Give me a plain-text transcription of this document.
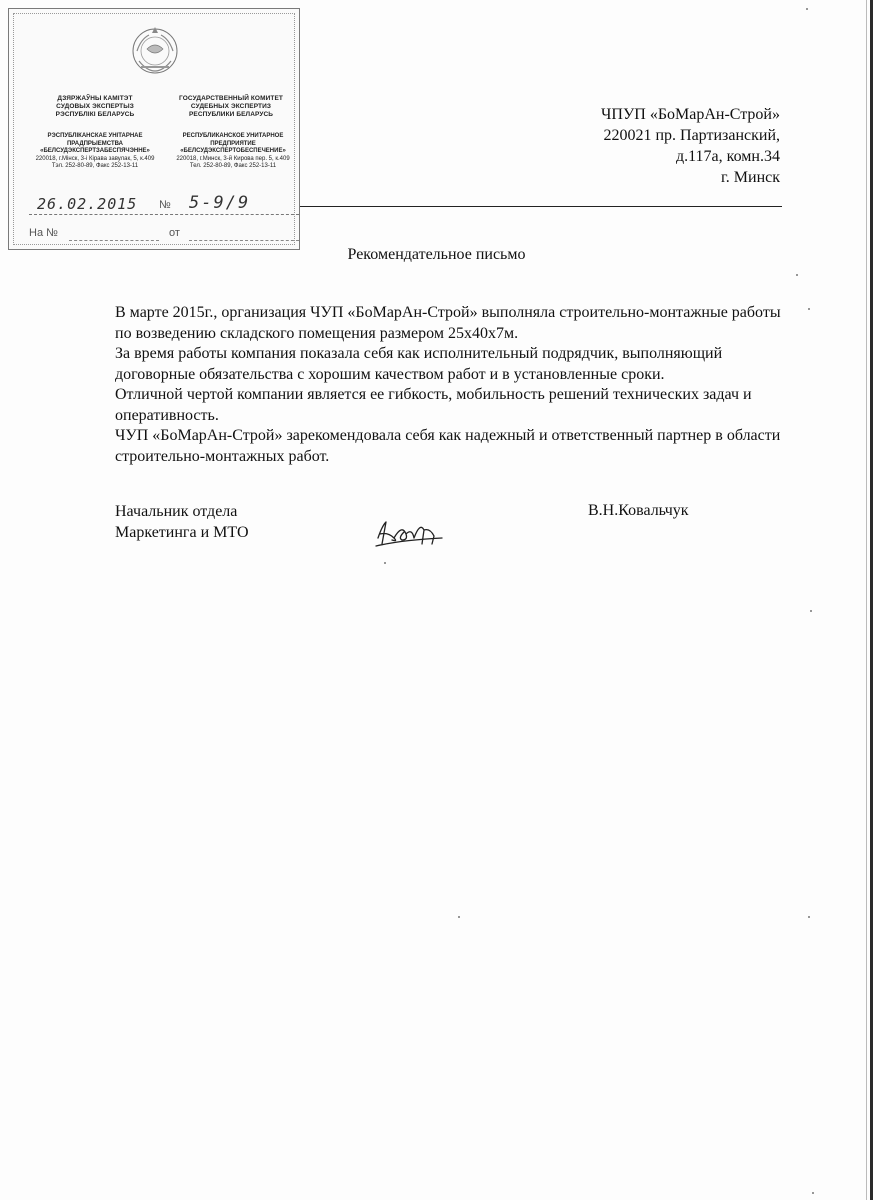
ДЗЯРЖАЎНЫ КАМІТЭТ
СУДОВЫХ ЭКСПЕРТЫЗ
РЭСПУБЛІКІ БЕЛАРУСЬ
ГОСУДАРСТВЕННЫЙ КОМИТЕТ
СУДЕБНЫХ ЭКСПЕРТИЗ
РЕСПУБЛИКИ БЕЛАРУСЬ
РЭСПУБЛІКАНСКАЕ УНІТАРНАЕ
ПРАДПРЫЕМСТВА
«БЕЛСУДЭКСПЕРТЗАБЕСПЯЧЭННЕ»
220018, г.Мінск, 3-і Кірава завулак, 5, к.409
Тэл. 252-80-89, Факс 252-13-11
РЕСПУБЛИКАНСКОЕ УНИТАРНОЕ
ПРЕДПРИЯТИЕ
«БЕЛСУДЭКСПЕРТОБЕСПЕЧЕНИЕ»
220018, г.Минск, 3-й Кирова пер. 5, к.409
Тел. 252-80-89, Факс 252-13-11
26.02.2015 № 5-9/9
На №	от
ЧПУП «БоМарАн-Строй»
220021 пр. Партизанский,
д.117а, комн.34
г. Минск
Рекомендательное письмо

В марте 2015г., организация ЧУП «БоМарАн-Строй» выполняла строительно-монтажные работы по возведению складского помещения размером 25х40х7м.

За время работы компания показала себя как исполнительный подрядчик, выполняющий договорные обязательства с хорошим качеством работ и в установленные сроки.

Отличной чертой компании является ее гибкость, мобильность решений технических задач и оперативность.

ЧУП «БоМарАн-Строй» зарекомендовала себя как надежный и ответственный партнер в области строительно-монтажных работ.

Начальник отдела
Маркетинга и МТО
В.Н.Ковальчук
